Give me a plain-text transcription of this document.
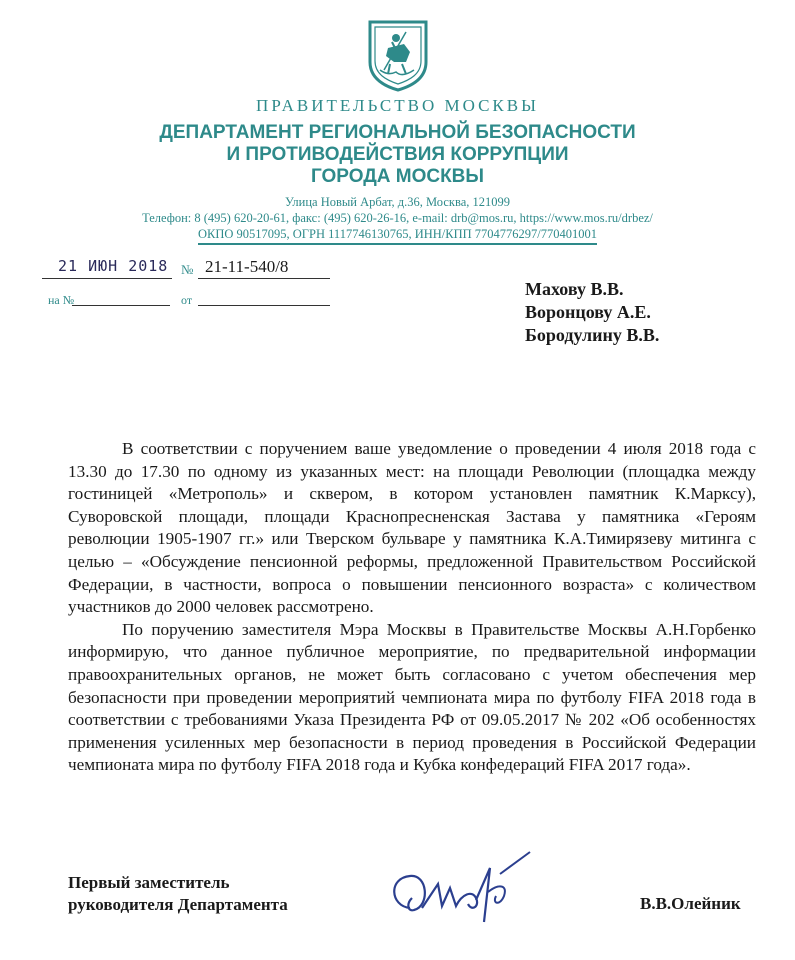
ПРАВИТЕЛЬСТВО МОСКВЫ
ДЕПАРТАМЕНТ РЕГИОНАЛЬНОЙ БЕЗОПАСНОСТИ
И ПРОТИВОДЕЙСТВИЯ КОРРУПЦИИ
ГОРОДА МОСКВЫ
Улица Новый Арбат, д.36, Москва, 121099
Телефон: 8 (495) 620-20-61, факс: (495) 620-26-16, e-mail: drb@mos.ru, https://www.mos.ru/drbez/
ОКПО 90517095, ОГРН 1117746130765, ИНН/КПП 7704776297/770401001
21 ИЮН 2018 № 21-11-540/8
на №	от
Махову В.В.
Воронцову А.Е.
Бородулину В.В.

В соответствии с поручением ваше уведомление о проведении 4 июля 2018 года с 13.30 до 17.30 по одному из указанных мест: на площади Революции (площадка между гостиницей «Метрополь» и сквером, в котором установлен памятник К.Марксу), Суворовской площади, площади Краснопресненская Застава у памятника «Героям революции 1905-1907 гг.» или Тверском бульваре у памятника К.А.Тимирязеву митинга с целью – «Обсуждение пенсионной реформы, предложенной Правительством Российской Федерации, в частности, вопроса о повышении пенсионного возраста» с количеством участников до 2000 человек рассмотрено.

По поручению заместителя Мэра Москвы в Правительстве Москвы А.Н.Горбенко информирую, что данное публичное мероприятие, по предварительной информации правоохранительных органов, не может быть согласовано с учетом обеспечения мер безопасности при проведении мероприятий чемпионата мира по футболу FIFA 2018 года в соответствии с требованиями Указа Президента РФ от 09.05.2017 № 202 «Об особенностях применения усиленных мер безопасности в период проведения в Российской Федерации чемпионата мира по футболу FIFA 2018 года и Кубка конфедераций FIFA 2017 года».

Первый заместитель
руководителя Департамента	В.В.Олейник
